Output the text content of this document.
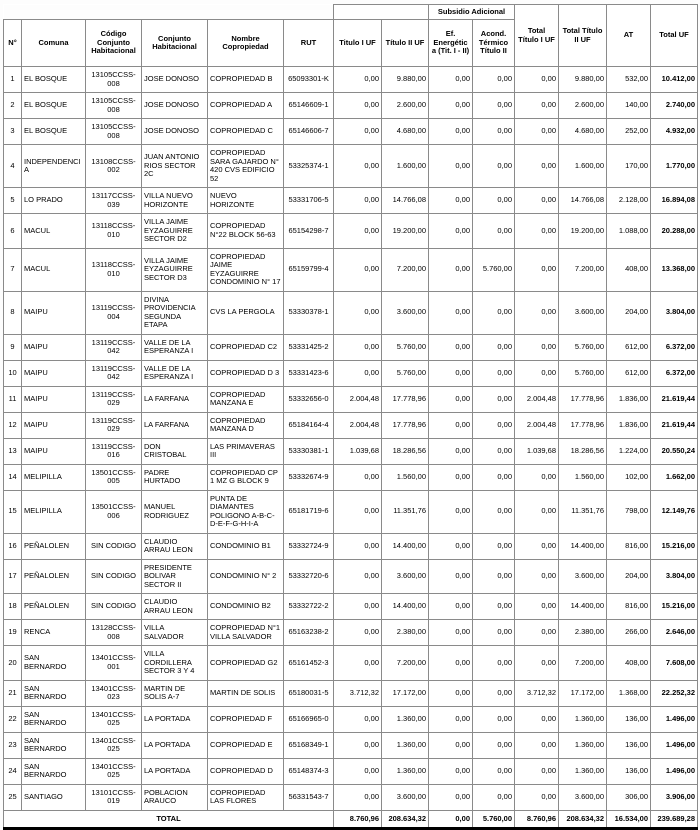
								Subsidio Adicional		Total Título I UF	Total Título II UF	AT	Total UF
N°	Comuna	Código Conjunto Habitacional	Conjunto Habitacional	Nombre Copropiedad	RUT	Titulo I UF	Título II UF	Ef. Energétic a (Tit. I - II)	Acond. Térmico Título II				
1	EL BOSQUE	13105CCSS-008	JOSE DONOSO	COPROPIEDAD B	65093301-K	0,00	9.880,00	0,00	0,00	0,00	9.880,00	532,00	10.412,00
2	EL BOSQUE	13105CCSS-008	JOSE DONOSO	COPROPIEDAD A	65146609-1	0,00	2.600,00	0,00	0,00	0,00	2.600,00	140,00	2.740,00
3	EL BOSQUE	13105CCSS-008	JOSE DONOSO	COPROPIEDAD C	65146606-7	0,00	4.680,00	0,00	0,00	0,00	4.680,00	252,00	4.932,00
4	INDEPENDENCIA	13108CCSS-002	JUAN ANTONIO RIOS SECTOR 2C	COPROPIEDAD SARA GAJARDO N° 420 CVS EDIFICIO 52	53325374-1	0,00	1.600,00	0,00	0,00	0,00	1.600,00	170,00	1.770,00
5	LO PRADO	13117CCSS-039	VILLA NUEVO HORIZONTE	NUEVO HORIZONTE	53331706-5	0,00	14.766,08	0,00	0,00	0,00	14.766,08	2.128,00	16.894,08
6	MACUL	13118CCSS-010	VILLA JAIME EYZAGUIRRE SECTOR D2	COPROPIEDAD N°22 BLOCK 56-63	65154298-7	0,00	19.200,00	0,00	0,00	0,00	19.200,00	1.088,00	20.288,00
7	MACUL	13118CCSS-010	VILLA JAIME EYZAGUIRRE SECTOR D3	COPROPIEDAD JAIME EYZAGUIRRE CONDOMINIO N° 17	65159799-4	0,00	7.200,00	0,00	5.760,00	0,00	7.200,00	408,00	13.368,00
8	MAIPU	13119CCSS-004	DIVINA PROVIDENCIA SEGUNDA ETAPA	CVS LA PERGOLA	53330378-1	0,00	3.600,00	0,00	0,00	0,00	3.600,00	204,00	3.804,00
9	MAIPU	13119CCSS-042	VALLE DE LA ESPERANZA I	COPROPIEDAD C2	53331425-2	0,00	5.760,00	0,00	0,00	0,00	5.760,00	612,00	6.372,00
10	MAIPU	13119CCSS-042	VALLE DE LA ESPERANZA I	COPROPIEDAD D 3	53331423-6	0,00	5.760,00	0,00	0,00	0,00	5.760,00	612,00	6.372,00
11	MAIPU	13119CCSS-029	LA FARFANA	COPROPIEDAD MANZANA E	53332656-0	2.004,48	17.778,96	0,00	0,00	2.004,48	17.778,96	1.836,00	21.619,44
12	MAIPU	13119CCSS-029	LA FARFANA	COPROPIEDAD MANZANA D	65184164-4	2.004,48	17.778,96	0,00	0,00	2.004,48	17.778,96	1.836,00	21.619,44
13	MAIPU	13119CCSS-016	DON CRISTOBAL	LAS PRIMAVERAS III	53330381-1	1.039,68	18.286,56	0,00	0,00	1.039,68	18.286,56	1.224,00	20.550,24
14	MELIPILLA	13501CCSS-005	PADRE HURTADO	COPROPIEDAD CP 1 MZ G BLOCK 9	53332674-9	0,00	1.560,00	0,00	0,00	0,00	1.560,00	102,00	1.662,00
15	MELIPILLA	13501CCSS-006	MANUEL RODRIGUEZ	PUNTA DE DIAMANTES POLIGONO A-B-C-D-E-F-G-H-I-A	65181719-6	0,00	11.351,76	0,00	0,00	0,00	11.351,76	798,00	12.149,76
16	PEÑALOLEN	SIN CODIGO	CLAUDIO ARRAU LEON	CONDOMINIO B1	53332724-9	0,00	14.400,00	0,00	0,00	0,00	14.400,00	816,00	15.216,00
17	PEÑALOLEN	SIN CODIGO	PRESIDENTE BOLIVAR SECTOR II	CONDOMINIO N° 2	53332720-6	0,00	3.600,00	0,00	0,00	0,00	3.600,00	204,00	3.804,00
18	PEÑALOLEN	SIN CODIGO	CLAUDIO ARRAU LEON	CONDOMINIO B2	53332722-2	0,00	14.400,00	0,00	0,00	0,00	14.400,00	816,00	15.216,00
19	RENCA	13128CCSS-008	VILLA SALVADOR	COPROPIEDAD N°1 VILLA SALVADOR	65163238-2	0,00	2.380,00	0,00	0,00	0,00	2.380,00	266,00	2.646,00
20	SAN BERNARDO	13401CCSS-001	VILLA CORDILLERA SECTOR 3 Y 4	COPROPIEDAD G2	65161452-3	0,00	7.200,00	0,00	0,00	0,00	7.200,00	408,00	7.608,00
21	SAN BERNARDO	13401CCSS-023	MARTIN DE SOLIS A-7	MARTIN DE SOLIS	65180031-5	3.712,32	17.172,00	0,00	0,00	3.712,32	17.172,00	1.368,00	22.252,32
22	SAN BERNARDO	13401CCSS-025	LA PORTADA	COPROPIEDAD F	65166965-0	0,00	1.360,00	0,00	0,00	0,00	1.360,00	136,00	1.496,00
23	SAN BERNARDO	13401CCSS-025	LA PORTADA	COPROPIEDAD E	65168349-1	0,00	1.360,00	0,00	0,00	0,00	1.360,00	136,00	1.496,00
24	SAN BERNARDO	13401CCSS-025	LA PORTADA	COPROPIEDAD D	65148374-3	0,00	1.360,00	0,00	0,00	0,00	1.360,00	136,00	1.496,00
25	SANTIAGO	13101CCSS-019	POBLACION ARAUCO	COPROPIEDAD LAS FLORES	56331543-7	0,00	3.600,00	0,00	0,00	0,00	3.600,00	306,00	3.906,00
TOTAL						8.760,96	208.634,32	0,00	5.760,00	8.760,96	208.634,32	16.534,00	239.689,28
